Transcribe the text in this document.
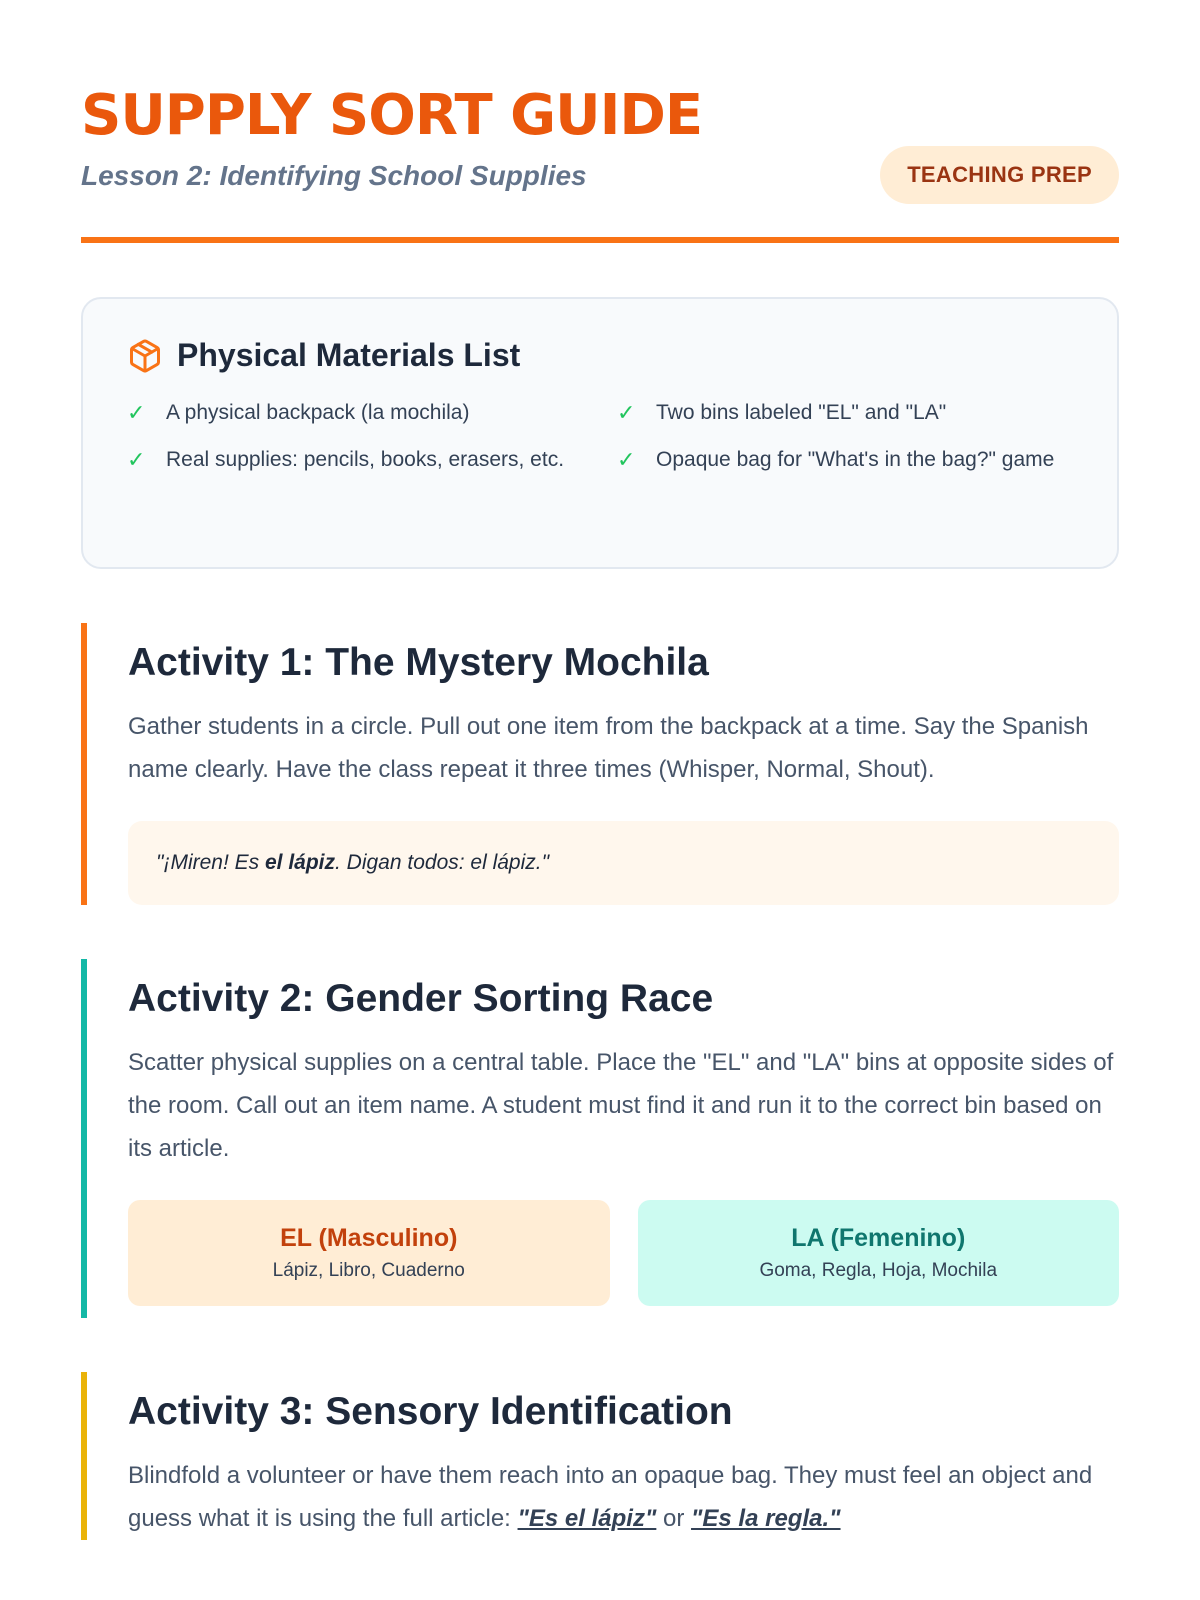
SUPPLY SORT GUIDE
Lesson 2: Identifying School Supplies	TEACHING PREP
Physical Materials List
✓ A physical backpack (la mochila)	✓ Two bins labeled "EL" and "LA"
✓ Real supplies: pencils, books, erasers, etc. ✓ Opaque bag for "What's in the bag?" game
Activity 1: The Mystery Mochila

Gather students in a circle. Pull out one item from the backpack at a time. Say the Spanish name clearly. Have the class repeat it three times (Whisper, Normal, Shout).

"¡Miren! Es el lápiz. Digan todos: el lápiz."
Activity 2: Gender Sorting Race

Scatter physical supplies on a central table. Place the "EL" and "LA" bins at opposite sides of the room. Call out an item name. A student must find it and run it to the correct bin based on its article.

EL (Masculino)
Lápiz, Libro, Cuaderno
LA (Femenino)
Goma, Regla, Hoja, Mochila
Activity 3: Sensory Identification

Blindfold a volunteer or have them reach into an opaque bag. They must feel an object and guess what it is using the full article: "Es el lápiz" or "Es la regla."
